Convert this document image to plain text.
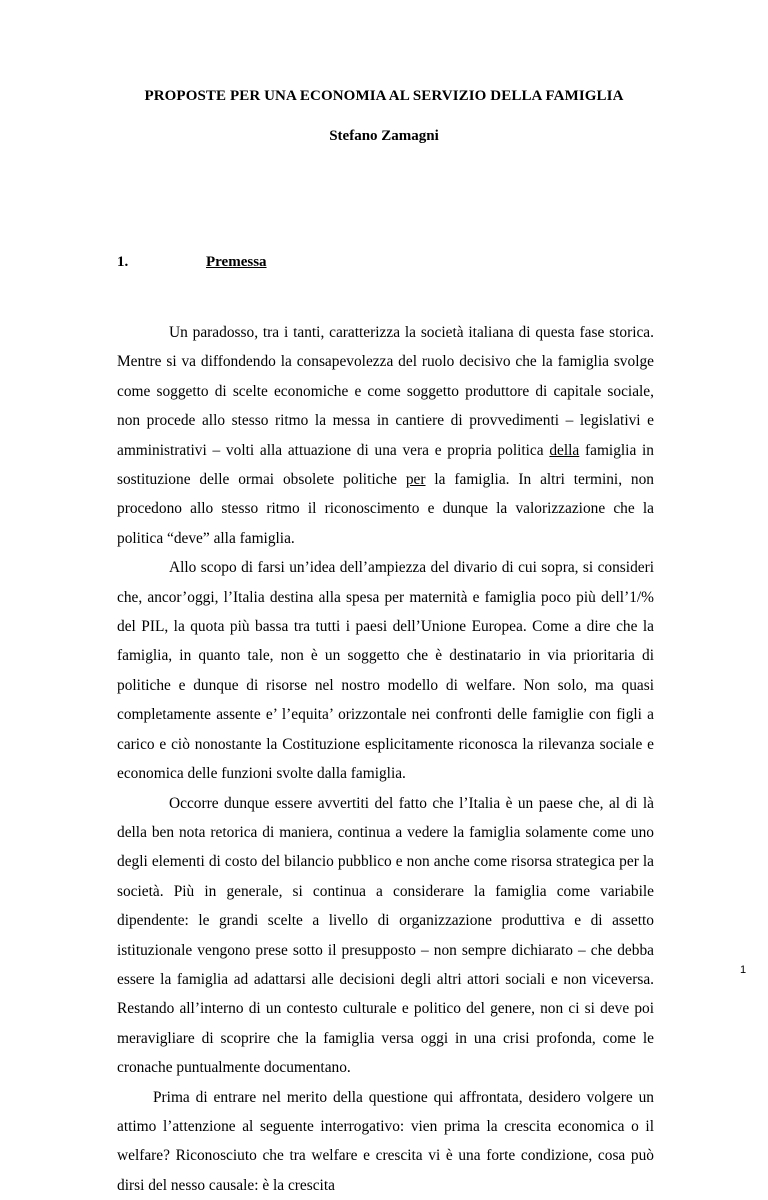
PROPOSTE PER UNA ECONOMIA AL SERVIZIO DELLA FAMIGLIA
Stefano Zamagni
1.	Premessa

Un paradosso, tra i tanti, caratterizza la società italiana di questa fase storica. Mentre si va diffondendo la consapevolezza del ruolo decisivo che la famiglia svolge come soggetto di scelte economiche e come soggetto produttore di capitale sociale, non procede allo stesso ritmo la messa in cantiere di provvedimenti – legislativi e amministrativi – volti alla attuazione di una vera e propria politica della famiglia in sostituzione delle ormai obsolete politiche per la famiglia. In altri termini, non procedono allo stesso ritmo il riconoscimento e dunque la valorizzazione che la politica “deve” alla famiglia.

Allo scopo di farsi un’idea dell’ampiezza del divario di cui sopra, si consideri che, ancor’oggi, l’Italia destina alla spesa per maternità e famiglia poco più dell’1/% del PIL, la quota più bassa tra tutti i paesi dell’Unione Europea. Come a dire che la famiglia, in quanto tale, non è un soggetto che è destinatario in via prioritaria di politiche e dunque di risorse nel nostro modello di welfare. Non solo, ma quasi completamente assente e’ l’equita’ orizzontale nei confronti delle famiglie con figli a carico e ciò nonostante la Costituzione esplicitamente riconosca la rilevanza sociale e economica delle funzioni svolte dalla famiglia.

Occorre dunque essere avvertiti del fatto che l’Italia è un paese che, al di là della ben nota retorica di maniera, continua a vedere la famiglia solamente come uno degli elementi di costo del bilancio pubblico e non anche come risorsa strategica per la società. Più in generale, si continua a considerare la famiglia come variabile dipendente: le grandi scelte a livello di organizzazione produttiva e di assetto istituzionale vengono prese sotto il presupposto – non sempre dichiarato – che debba essere la famiglia ad adattarsi alle decisioni degli altri attori sociali e non viceversa. Restando all’interno di un contesto culturale e politico del genere, non ci si deve poi meravigliare di scoprire che la famiglia versa oggi in una crisi profonda, come le cronache puntualmente documentano.

Prima di entrare nel merito della questione qui affrontata, desidero volgere un attimo l’attenzione al seguente interrogativo: vien prima la crescita economica o il welfare? Riconosciuto che tra welfare e crescita vi è una forte condizione, cosa può dirsi del nesso causale: è la crescita

1
